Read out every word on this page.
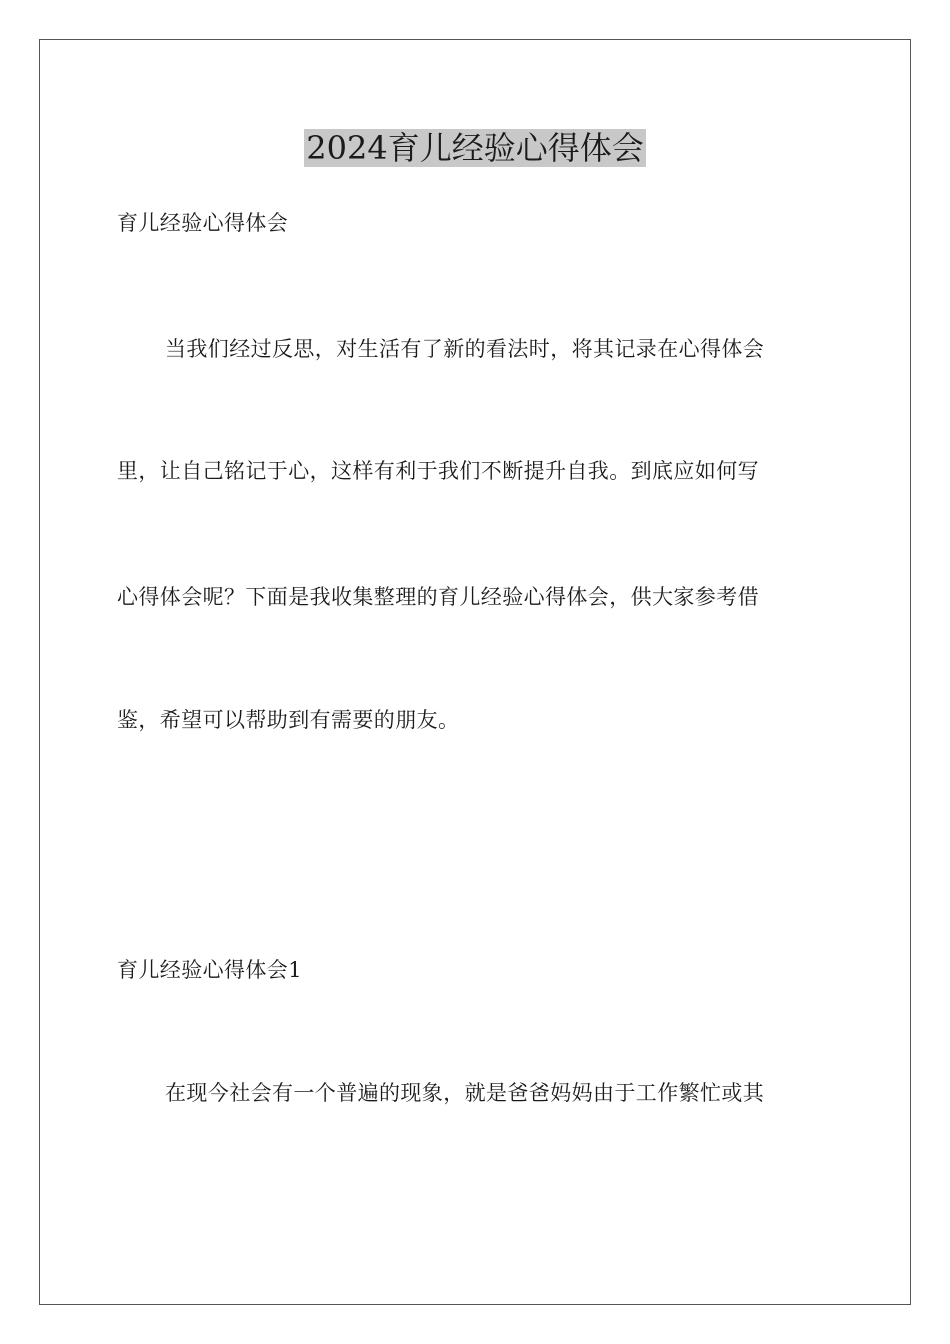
2024育儿经验心得体会

育儿经验心得体会

当我们经过反思，对生活有了新的看法时，将其记录在心得体会

里，让自己铭记于心，这样有利于我们不断提升自我。到底应如何写

心得体会呢？下面是我收集整理的育儿经验心得体会，供大家参考借

鉴，希望可以帮助到有需要的朋友。

育儿经验心得体会1

在现今社会有一个普遍的现象，就是爸爸妈妈由于工作繁忙或其
